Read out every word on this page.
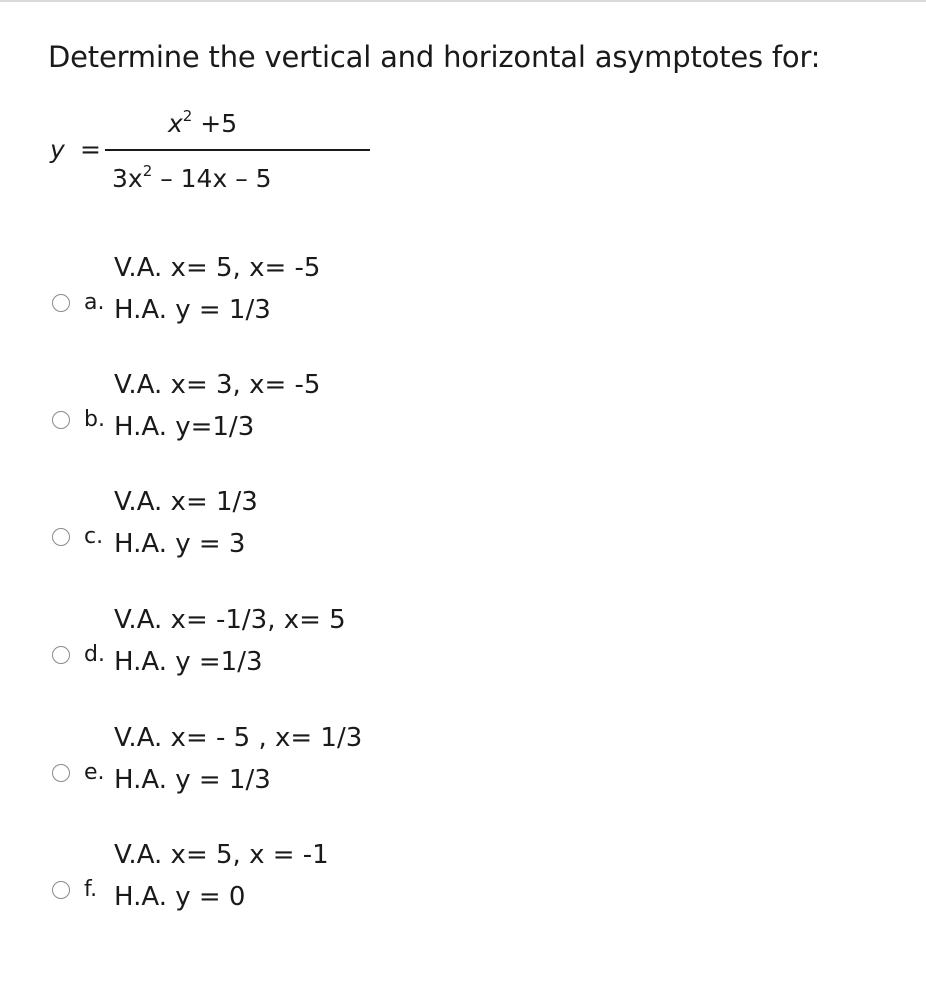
Determine the vertical and horizontal asymptotes for:
y =
$x^2 +5$
$3x^2 - 14x - 5$
a.
V.A. x= 5, x= -5
H.A. y = 1/3
b.
V.A. x= 3, x= -5
H.A. y=1/3
c.
V.A. x= 1/3
H.A. y = 3
d.
V.A. x= -1/3, x= 5
H.A. y =1/3
e.
V.A. x= - 5 , x= 1/3
H.A. y = 1/3
f.
V.A. x= 5, x = -1
H.A. y = 0
